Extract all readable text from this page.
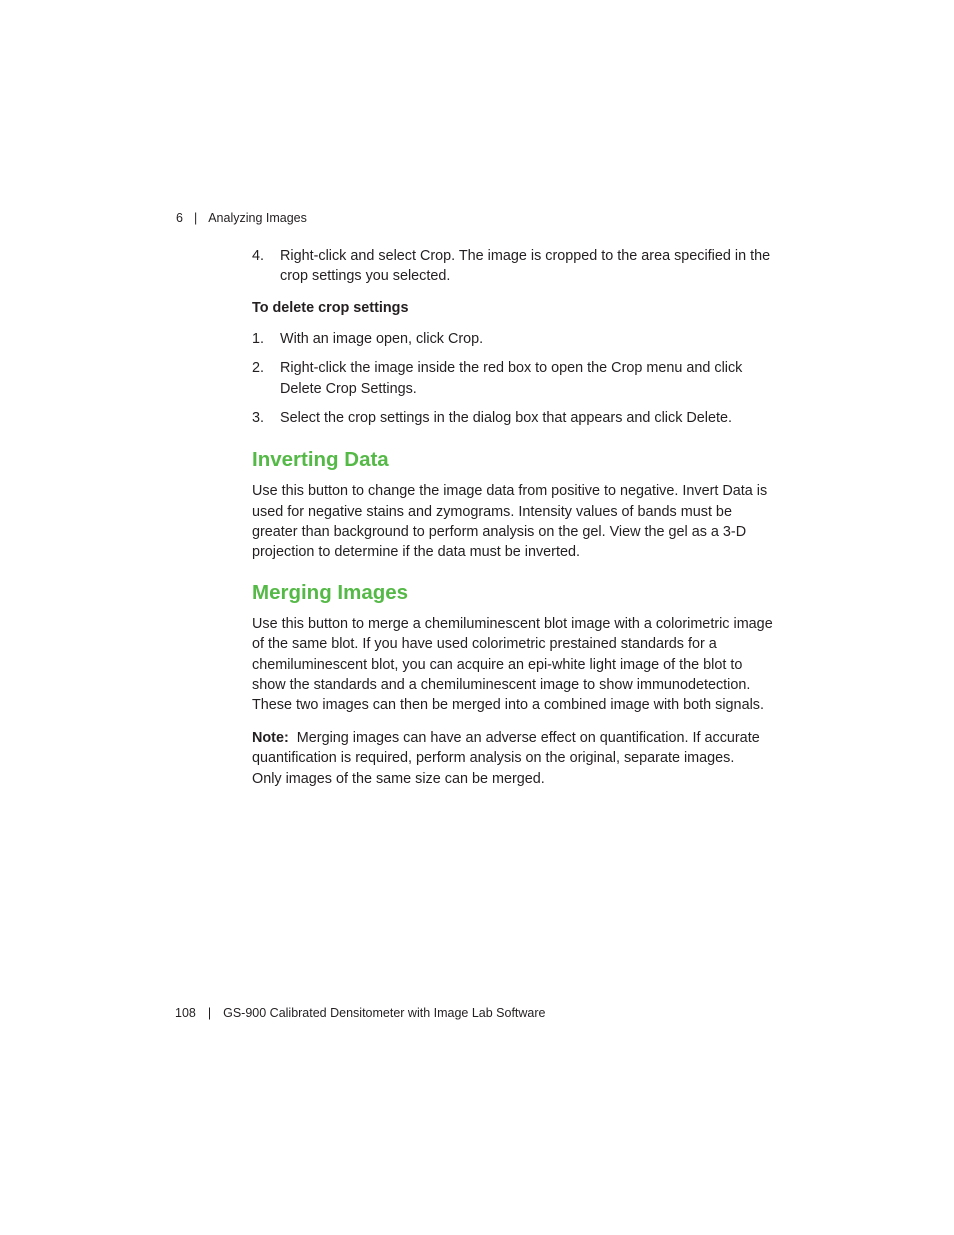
6 | Analyzing Images
4.	Right-click and select Crop. The image is cropped to the area specified in the crop settings you selected.
To delete crop settings
1.	With an image open, click Crop.
2.	Right-click the image inside the red box to open the Crop menu and click Delete Crop Settings.
3.	Select the crop settings in the dialog box that appears and click Delete.
Inverting Data

Use this button to change the image data from positive to negative. Invert Data is used for negative stains and zymograms. Intensity values of bands must be greater than background to perform analysis on the gel. View the gel as a 3-D projection to determine if the data must be inverted.

Merging Images

Use this button to merge a chemiluminescent blot image with a colorimetric image of the same blot. If you have used colorimetric prestained standards for a chemiluminescent blot, you can acquire an epi-white light image of the blot to show the standards and a chemiluminescent image to show immunodetection. These two images can then be merged into a combined image with both signals.

Note: Merging images can have an adverse effect on quantification. If accurate quantification is required, perform analysis on the original, separate images.
Only images of the same size can be merged.

108 | GS-900 Calibrated Densitometer with Image Lab Software
